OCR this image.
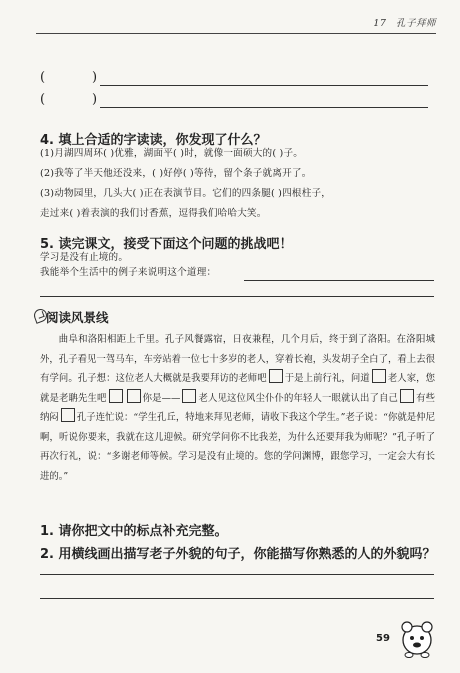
17 孔子拜师
(	)
(	)
4. 填上合适的字读读，你发现了什么？
(1)月湖四周环( )优雅，湖面平( )时，就像一面硕大的( )子。
(2)我等了半天他还没来，( )好停( )等待，留个条子就离开了。
(3)动物园里，几头大( )正在表演节目。它们的四条腿( )四根柱子，
走过来( )着表演的我们讨香蕉，逗得我们哈哈大笑。
5. 读完课文，接受下面这个问题的挑战吧！
学习是没有止境的。
我能举个生活中的例子来说明这个道理：
阅读风景线

曲阜和洛阳相距上千里。孔子风餐露宿，日夜兼程，几个月后，终于到了洛阳。在洛阳城外，孔子看见一驾马车，车旁站着一位七十多岁的老人，穿着长袍，头发胡子全白了，看上去很有学问。孔子想：这位老人大概就是我要拜访的老师吧 于是上前行礼，问道 老人家，您就是老聃先生吧	你是—— 老人见这位风尘仆仆的年轻人一眼就认出了自己 有些纳闷 孔子连忙说：“学生孔丘，特地来拜见老师，请收下我这个学生。”老子说：“你就是仲尼啊，听说你要来，我就在这儿迎候。研究学问你不比我差，为什么还要拜我为师呢？”孔子听了再次行礼，说：“多谢老师等候。学习是没有止境的。您的学问渊博，跟您学习，一定会大有长进的。”

1. 请你把文中的标点补充完整。
2. 用横线画出描写老子外貌的句子，你能描写你熟悉的人的外貌吗？
59
